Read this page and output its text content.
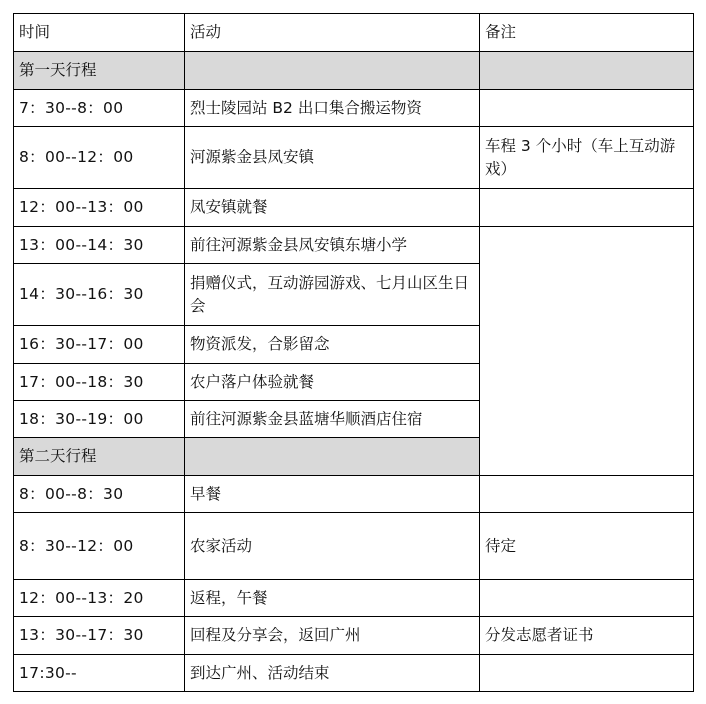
时间	活动	备注	
第一天行程			
7：30--8：00	烈士陵园站 B2 出口集合搬运物资		
8：00--12：00	河源紫金县凤安镇	车程 3 个小时（车上互动游戏）	
12：00--13：00	凤安镇就餐		
13：00--14：30	前往河源紫金县凤安镇东塘小学		
14：30--16：30	捐赠仪式，互动游园游戏、七月山区生日会		
16：30--17：00	物资派发，合影留念		
17：00--18：30	农户落户体验就餐		
18：30--19：00	前往河源紫金县蓝塘华顺酒店住宿		
第二天行程			
8：00--8：30	早餐		
8：30--12：00	农家活动	待定	
12：00--13：20	返程，午餐		
13：30--17：30	回程及分享会，返回广州	分发志愿者证书	
17:30--	到达广州、活动结束		
